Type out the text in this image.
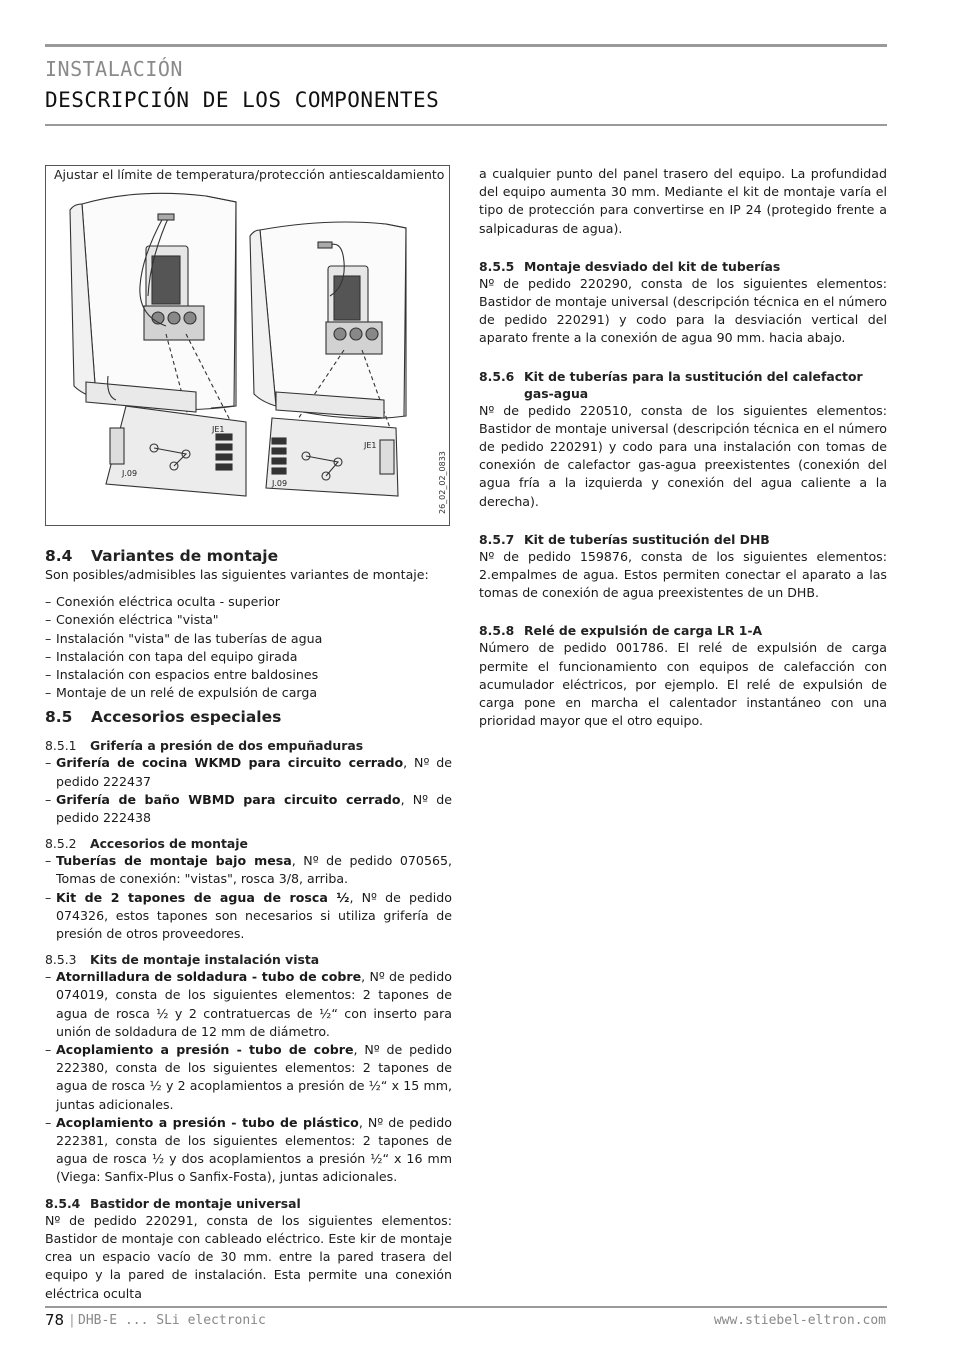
INSTALACIÓN
DESCRIPCIÓN DE LOS COMPONENTES
Ajustar el límite de temperatura/protección antiescaldamiento
JE1
J.09
JE1
J.09	26_02_02_0833
8.4 Variantes de montaje

Son posibles/admisibles las siguientes variantes de montaje:

– Conexión eléctrica oculta - superior
– Conexión eléctrica "vista"
– Instalación "vista" de las tuberías de agua
– Instalación con tapa del equipo girada
– Instalación con espacios entre baldosines
– Montaje de un relé de expulsión de carga
8.5 Accesorios especiales
8.5.1 Grifería a presión de dos empuñaduras
– Grifería de cocina WKMD para circuito cerrado, Nº de pedido 222437
– Grifería de baño WBMD para circuito cerrado, Nº de pedido 222438
8.5.2 Accesorios de montaje
– Tuberías de montaje bajo mesa, Nº de pedido 070565, Tomas de conexión: "vistas", rosca 3/8, arriba.
– Kit de 2 tapones de agua de rosca ½, Nº de pedido 074326, estos tapones son necesarios si utiliza grifería de presión de otros proveedores.
8.5.3 Kits de montaje instalación vista
– Atornilladura de soldadura - tubo de cobre, Nº de pedido 074019, consta de los siguientes elementos: 2 tapones de agua de rosca ½ y 2 contratuercas de ½“ con inserto para unión de soldadura de 12 mm de diámetro.
– Acoplamiento a presión - tubo de cobre, Nº de pedido 222380, consta de los siguientes elementos: 2 tapones de agua de rosca ½ y 2 acoplamientos a presión de ½“ x 15 mm, juntas adicionales.
– Acoplamiento a presión - tubo de plástico, Nº de pedido 222381, consta de los siguientes elementos: 2 tapones de agua de rosca ½ y dos acoplamientos a presión ½“ x 16 mm (Viega: Sanfix-Plus o Sanfix-Fosta), juntas adicionales.
8.5.4 Bastidor de montaje universal

Nº de pedido 220291, consta de los siguientes elementos: Bastidor de montaje con cableado eléctrico. Este kir de montaje crea un espacio vacío de 30 mm. entre la pared trasera del equipo y la pared de instalación. Esta permite una conexión eléctrica oculta

a cualquier punto del panel trasero del equipo. La profundidad del equipo aumenta 30 mm. Mediante el kit de montaje varía el tipo de protección para convertirse en IP 24 (protegido frente a salpicaduras de agua).

8.5.5 Montaje desviado del kit de tuberías

Nº de pedido 220290, consta de los siguientes elementos: Bastidor de montaje universal (descripción técnica en el número de pedido 220291) y codo para la desviación vertical del aparato frente a la conexión de agua 90 mm. hacia abajo.

8.5.6 Kit de tuberías para la sustitución del calefactor
gas-agua

Nº de pedido 220510, consta de los siguientes elementos: Bastidor de montaje universal (descripción técnica en el número de pedido 220291) y codo para una instalación con tomas de conexión de calefactor gas-agua preexistentes (conexión del agua fría a la izquierda y conexión del agua caliente a la derecha).

8.5.7 Kit de tuberías sustitución del DHB

Nº de pedido 159876, consta de los siguientes elementos: 2.empalmes de agua. Estos permiten conectar el aparato a las tomas de conexión de agua preexistentes de un DHB.

8.5.8 Relé de expulsión de carga LR 1-A

Número de pedido 001786. El relé de expulsión de carga permite el funcionamiento con equipos de calefacción con acumulador eléctricos, por ejemplo. El relé de expulsión de carga pone en marcha el calentador instantáneo con una prioridad mayor que el otro equipo.

78 | DHB-E ... SLi electronic	www.stiebel-eltron.com
